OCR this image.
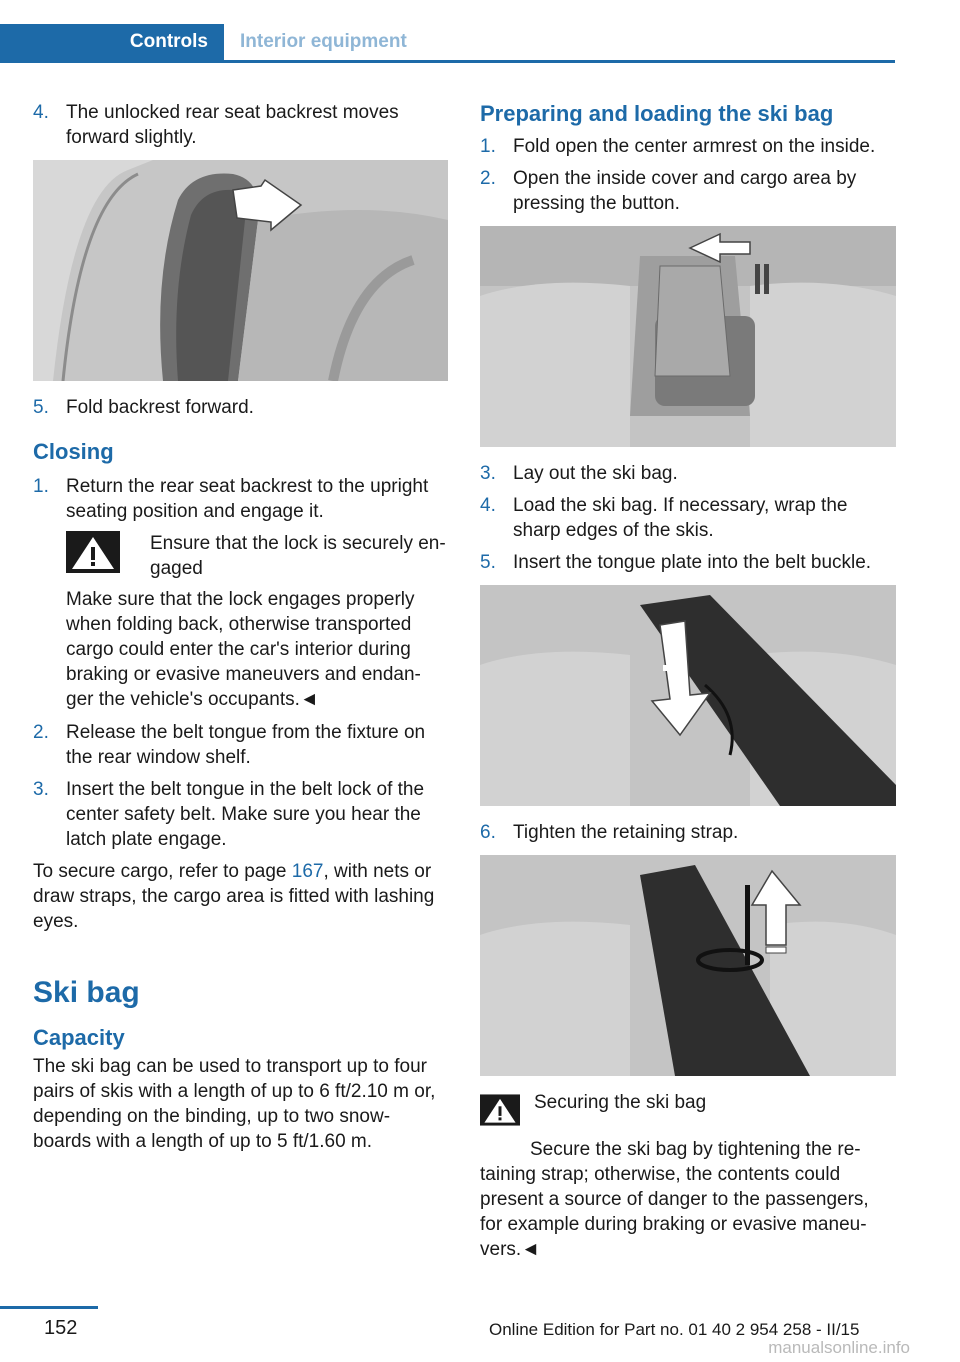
Controls	Interior equipment
4. The unlocked rear seat backrest moves forward slightly.
5. Fold backrest forward.
Closing
1. Return the rear seat backrest to the upright seating position and engage it.

Ensure that the lock is securely en‐gaged

Make sure that the lock engages properly when folding back, otherwise transported cargo could enter the car's interior during braking or evasive maneuvers and endan‐ger the vehicle's occupants.◄

2. Release the belt tongue from the fixture on the rear window shelf.
3. Insert the belt tongue in the belt lock of the center safety belt. Make sure you hear the latch plate engage.

To secure cargo, refer to page 167, with nets or draw straps, the cargo area is fitted with lashing eyes.

Ski bag
Capacity

The ski bag can be used to transport up to four pairs of skis with a length of up to 6 ft/2.10 m or, depending on the binding, up to two snow‐boards with a length of up to 5 ft/1.60 m.

Preparing and loading the ski bag
1. Fold open the center armrest on the inside.
2. Open the inside cover and cargo area by pressing the button.
3. Lay out the ski bag.
4. Load the ski bag. If necessary, wrap the sharp edges of the skis.
5. Insert the tongue plate into the belt buckle.
6. Tighten the retaining strap.

Securing the ski bag

Secure the ski bag by tightening the re‐taining strap; otherwise, the contents could present a source of danger to the passengers, for example during braking or evasive maneu‐vers.◄

152	Online Edition for Part no. 01 40 2 954 258 - II/15
manualsonline.info
